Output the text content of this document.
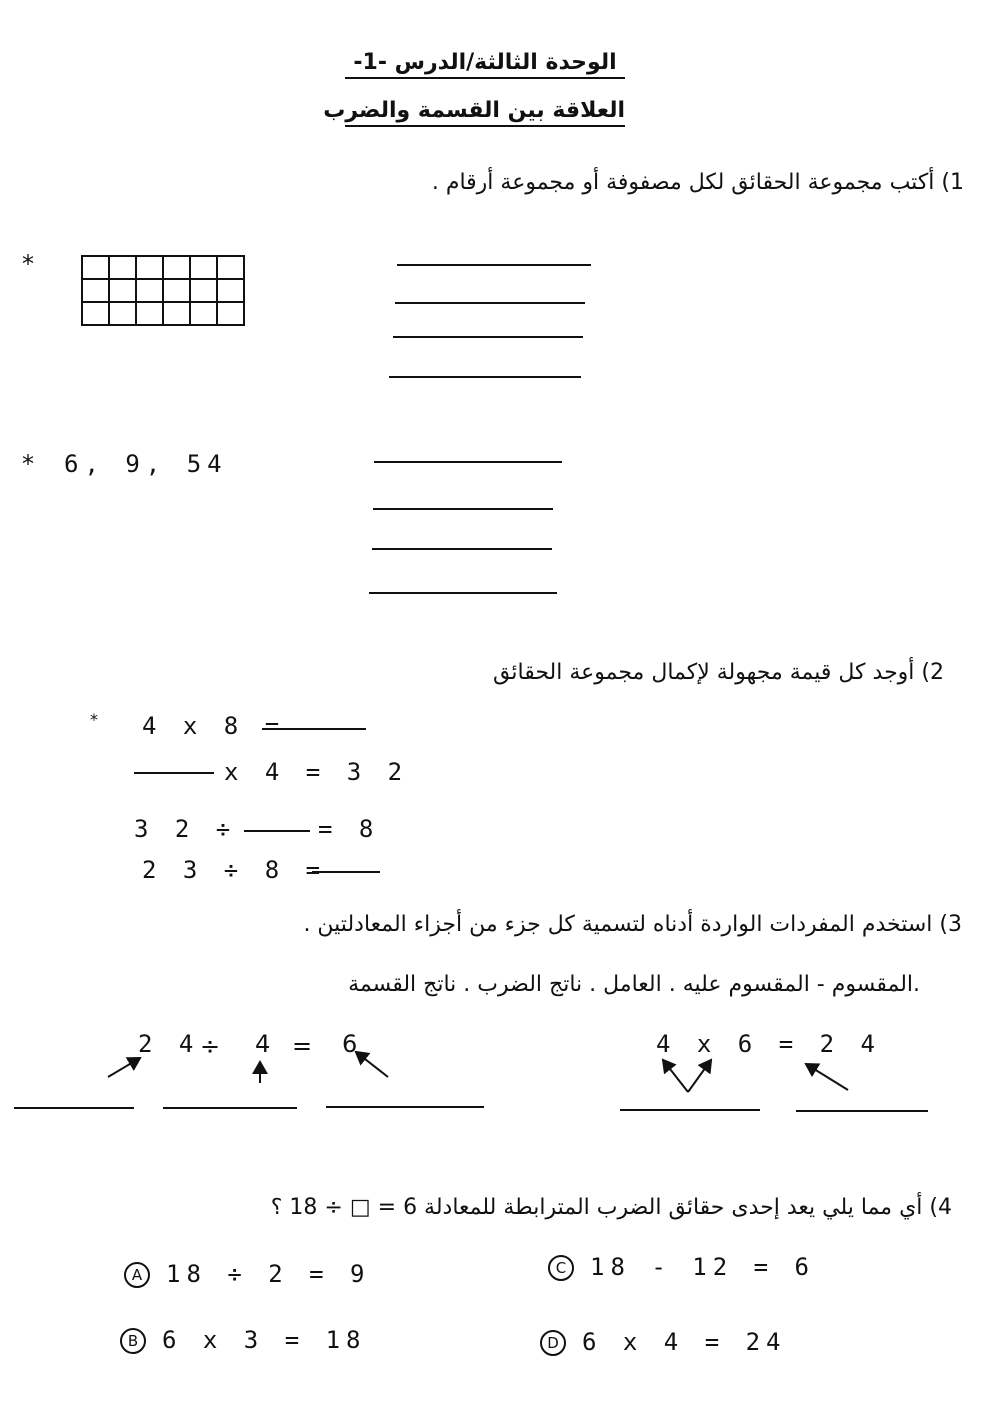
الوحدة الثالثة/الدرس -1-
العلاقة بين القسمة والضرب
1) أكتب مجموعة الحقائق لكل مصفوفة أو مجموعة أرقام .
*
* 6, 9, 54
2) أوجد كل قيمة مجهولة لإكمال مجموعة الحقائق
* 4 x 8 =
x 4 = 3 2
3 2 ÷	= 8
2 3 ÷ 8 =
3) استخدم المفردات الواردة أدناه لتسمية كل جزء من أجزاء المعادلتين .
.المقسوم - المقسوم عليه . العامل . ناتج الضرب . ناتج القسمة
2 4 ÷ 4 = 6	4 x 6 = 2 4
4) أي مما يلي يعد إحدى حقائق الضرب المترابطة للمعادلة 6 = □ ÷ 18 ؟
A 18 ÷ 2 = 9
B 6 x 3 = 18
C 18 - 12 = 6
D 6 x 4 = 24
